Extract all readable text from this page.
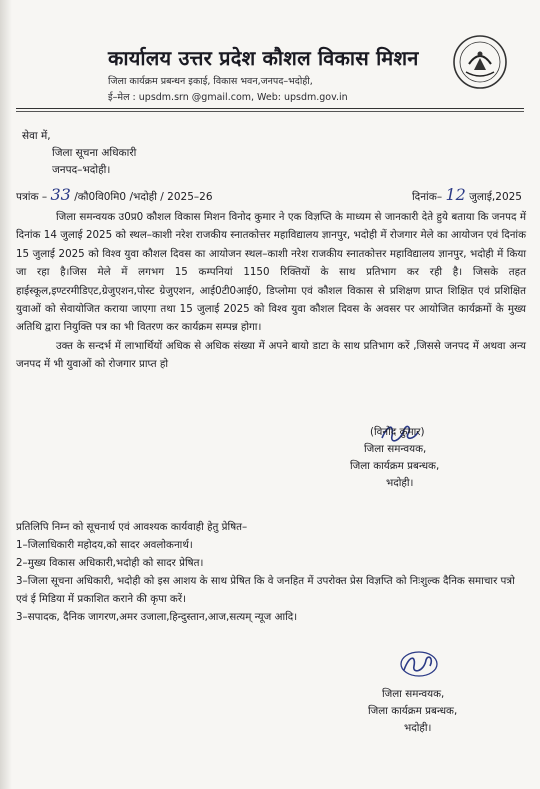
कार्यालय उत्तर प्रदेश कौशल विकास मिशन
जिला कार्यक्रम प्रबन्धन इकाई, विकास भवन,जनपद–भदोही,
ई–मेल : upsdm.srn @gmail.com, Web: upsdm.gov.in
सेवा में,
जिला सूचना अधिकारी
जनपद–भदोही।
पत्रांक – 33 /कौ0वि0मि0 /भदोही / 2025–26	दिनांक– 12 जुलाई,2025

जिला समन्वयक उ0प्र0 कौशल विकास मिशन विनोद कुमार ने एक विज्ञप्ति के माध्यम से जानकारी देते हुये बताया कि जनपद में दिनांक 14 जुलाई 2025 को स्थल–काशी नरेश राजकीय स्नातकोत्तर महाविद्यालय ज्ञानपुर, भदोही में रोजगार मेले का आयोजन एवं दिनांक 15 जुलाई 2025 को विश्व युवा कौशल दिवस का आयोजन स्थल–काशी नरेश राजकीय स्नातकोत्तर महाविद्यालय ज्ञानपुर, भदोही में किया जा रहा है।जिस मेले में लगभग 15 कम्पनियां 1150 रिक्तियों के साथ प्रतिभाग कर रही है। जिसके तहत हाईस्कूल,इण्टरमीडिएट,ग्रेजुएशन,पोस्ट ग्रेजुएशन, आई0टी0आई0, डिप्लोमा एवं कौशल विकास से प्रशिक्षण प्राप्त शिक्षित एवं प्रशिक्षित युवाओं को सेवायोजित कराया जाएगा तथा 15 जुलाई 2025 को विश्व युवा कौशल दिवस के अवसर पर आयोजित कार्यक्रमों के मुख्य अतिथि द्वारा नियुक्ति पत्र का भी वितरण कर कार्यक्रम सम्पन्न होगा।

उक्त के सन्दर्भ में लाभार्थियों अधिक से अधिक संख्या में अपने बायो डाटा के साथ प्रतिभाग करें ,जिससे जनपद में अथवा अन्य जनपद में भी युवाओं को रोजगार प्राप्त हो

(विनोद कुमार)
जिला समन्वयक,
जिला कार्यक्रम प्रबन्धक,
भदोही।

प्रतिलिपि निम्न को सूचनार्थ एवं आवश्यक कार्यवाही हेतु प्रेषित–

1–जिलाधिकारी महोदय,को सादर अवलोकनार्थ।

2–मुख्य विकास अधिकारी,भदोही को सादर प्रेषित।

3–जिला सूचना अधिकारी, भदोही को इस आशय के साथ प्रेषित कि वे जनहित में उपरोक्त प्रेस विज्ञप्ति को निःशुल्क दैनिक समाचार पत्रो एवं ई मिडिया में प्रकाशित कराने की कृपा करें।

3–सपादक, दैनिक जागरण,अमर उजाला,हिन्दुस्तान,आज,सत्यम् न्यूज आदि।

जिला समन्वयक,
जिला कार्यक्रम प्रबन्धक,
भदोही।
